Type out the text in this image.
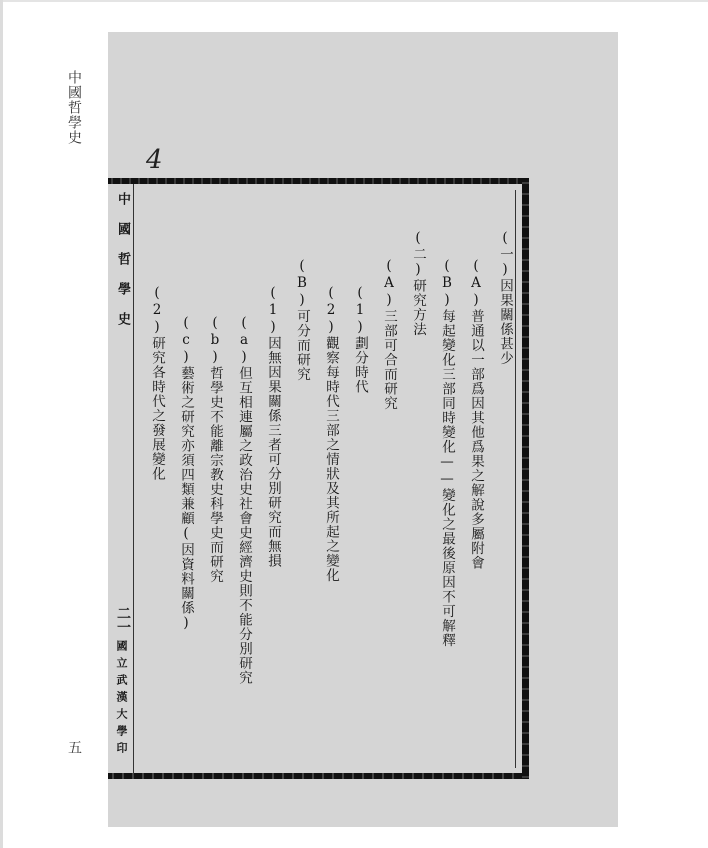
中國哲學史
五
4
中國哲學史
二一
國立武漢大學印
(一)因果關係甚少
(A)普通以一部爲因其他爲果之解說多屬附會
(B)每起變化三部同時變化——變化之最後原因不可解釋
(二)研究方法
(A)三部可合而研究
(1)劃分時代
(2)觀察每時代三部之情狀及其所起之變化
(B)可分而研究
(1)因無因果關係三者可分別研究而無損
(a)但互相連屬之政治史社會史經濟史則不能分別研究
(b)哲學史不能離宗教史科學史而研究
(c)藝術之研究亦須四類兼顧(因資料關係)
(2)研究各時代之發展變化
